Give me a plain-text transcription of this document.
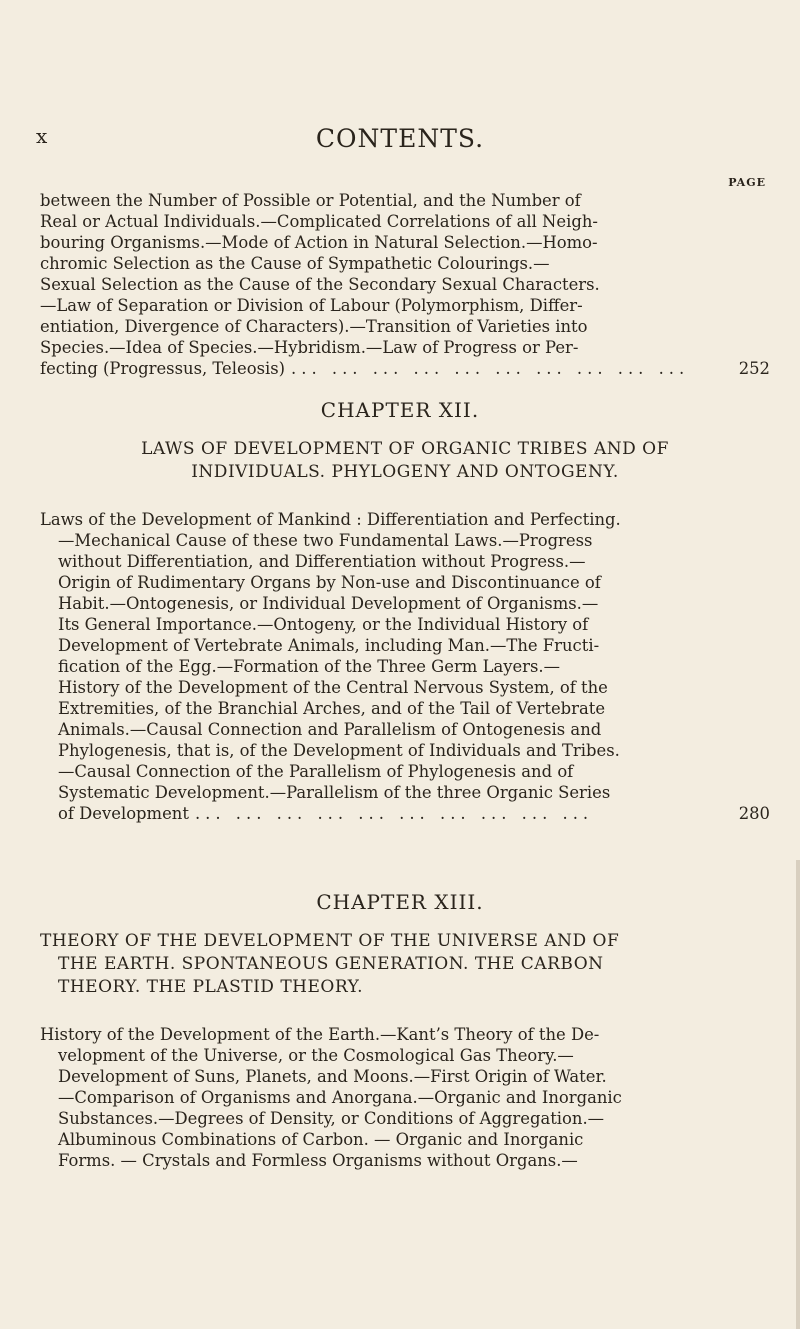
x	CONTENTS.
PAGE
between the Number of Possible or Potential, and the Number of
Real or Actual Individuals.—Complicated Correlations of all Neigh-
bouring Organisms.—Mode of Action in Natural Selection.—Homo-
chromic Selection as the Cause of Sympathetic Colourings.—
Sexual Selection as the Cause of the Secondary Sexual Characters.
—Law of Separation or Division of Labour (Polymorphism, Differ-
entiation, Divergence of Characters).—Transition of Varieties into
Species.—Idea of Species.—Hybridism.—Law of Progress or Per-
fecting (Progressus, Teleosis) ... ... ... ... ... ... ... ... ... ...	252
CHAPTER XII.
LAWS OF DEVELOPMENT OF ORGANIC TRIBES AND OF
INDIVIDUALS. PHYLOGENY AND ONTOGENY.
Laws of the Development of Mankind : Differentiation and Perfecting.
—Mechanical Cause of these two Fundamental Laws.—Progress
without Differentiation, and Differentiation without Progress.—
Origin of Rudimentary Organs by Non-use and Discontinuance of
Habit.—Ontogenesis, or Individual Development of Organisms.—
Its General Importance.—Ontogeny, or the Individual History of
Development of Vertebrate Animals, including Man.—The Fructi-
fication of the Egg.—Formation of the Three Germ Layers.—
History of the Development of the Central Nervous System, of the
Extremities, of the Branchial Arches, and of the Tail of Vertebrate
Animals.—Causal Connection and Parallelism of Ontogenesis and
Phylogenesis, that is, of the Development of Individuals and Tribes.
—Causal Connection of the Parallelism of Phylogenesis and of
Systematic Development.—Parallelism of the three Organic Series
of Development ... ... ... ... ... ... ... ... ... ...	280
CHAPTER XIII.
THEORY OF THE DEVELOPMENT OF THE UNIVERSE AND OF
THE EARTH. SPONTANEOUS GENERATION. THE CARBON
THEORY. THE PLASTID THEORY.
History of the Development of the Earth.—Kant’s Theory of the De-
velopment of the Universe, or the Cosmological Gas Theory.—
Development of Suns, Planets, and Moons.—First Origin of Water.
—Comparison of Organisms and Anorgana.—Organic and Inorganic
Substances.—Degrees of Density, or Conditions of Aggregation.—
Albuminous Combinations of Carbon. — Organic and Inorganic
Forms. — Crystals and Formless Organisms without Organs.—
